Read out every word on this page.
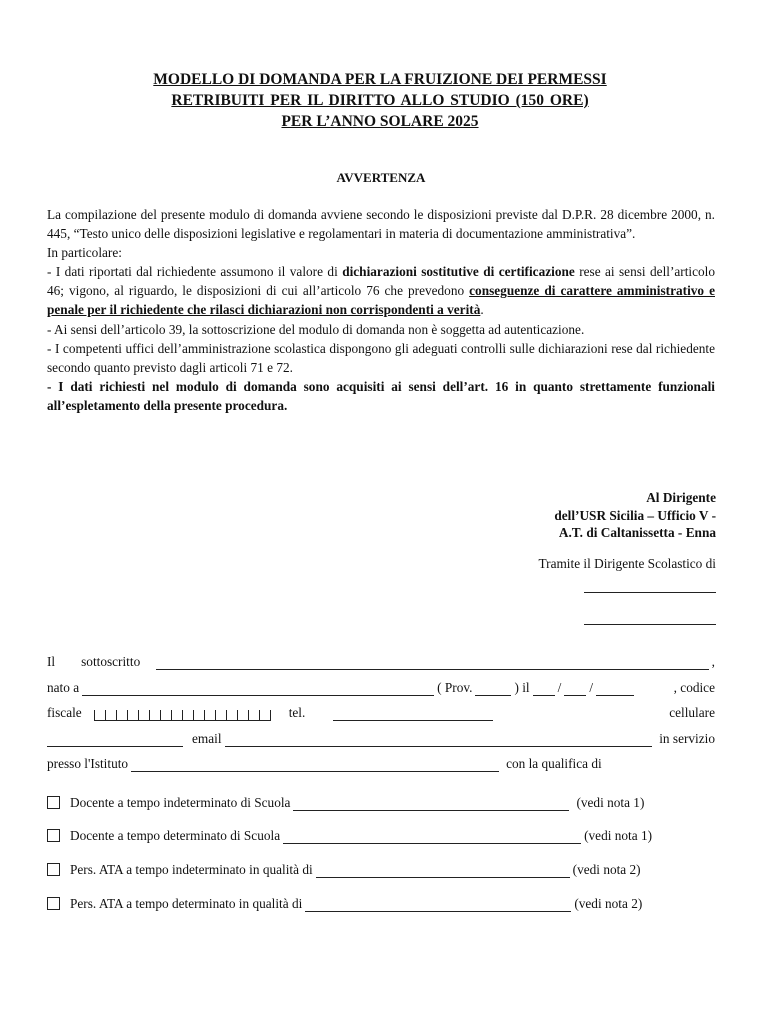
MODELLO DI DOMANDA PER LA FRUIZIONE DEI PERMESSI
RETRIBUITI PER IL DIRITTO ALLO STUDIO (150 ORE)
PER L’ANNO SOLARE 2025
AVVERTENZA

La compilazione del presente modulo di domanda avviene secondo le disposizioni previste dal D.P.R. 28 dicembre 2000, n. 445, “Testo unico delle disposizioni legislative e regolamentari in materia di documentazione amministrativa”.

In particolare:

- I dati riportati dal richiedente assumono il valore di dichiarazioni sostitutive di certificazione rese ai sensi dell’articolo 46; vigono, al riguardo, le disposizioni di cui all’articolo 76 che prevedono conseguenze di carattere amministrativo e penale per il richiedente che rilasci dichiarazioni non corrispondenti a verità.

- Ai sensi dell’articolo 39, la sottoscrizione del modulo di domanda non è soggetta ad autenticazione.

- I competenti uffici dell’amministrazione scolastica dispongono gli adeguati controlli sulle dichiarazioni rese dal richiedente secondo quanto previsto dagli articoli 71 e 72.

- I dati richiesti nel modulo di domanda sono acquisiti ai sensi dell’art. 16 in quanto strettamente funzionali all’espletamento della presente procedura.

Al Dirigente
dell’USR Sicilia – Ufficio V -
A.T. di Caltanissetta - Enna
Tramite il Dirigente Scolastico di
Il sottoscritto	,
nato a	( Prov.	) il / /	, codice
fiscale	tel.	cellulare
email	in servizio
presso l'Istituto	con la qualifica di
Docente a tempo indeterminato di Scuola	(vedi nota 1)
Docente a tempo determinato di Scuola	(vedi nota 1)
Pers. ATA a tempo indeterminato in qualità di	(vedi nota 2)
Pers. ATA a tempo determinato in qualità di	(vedi nota 2)
